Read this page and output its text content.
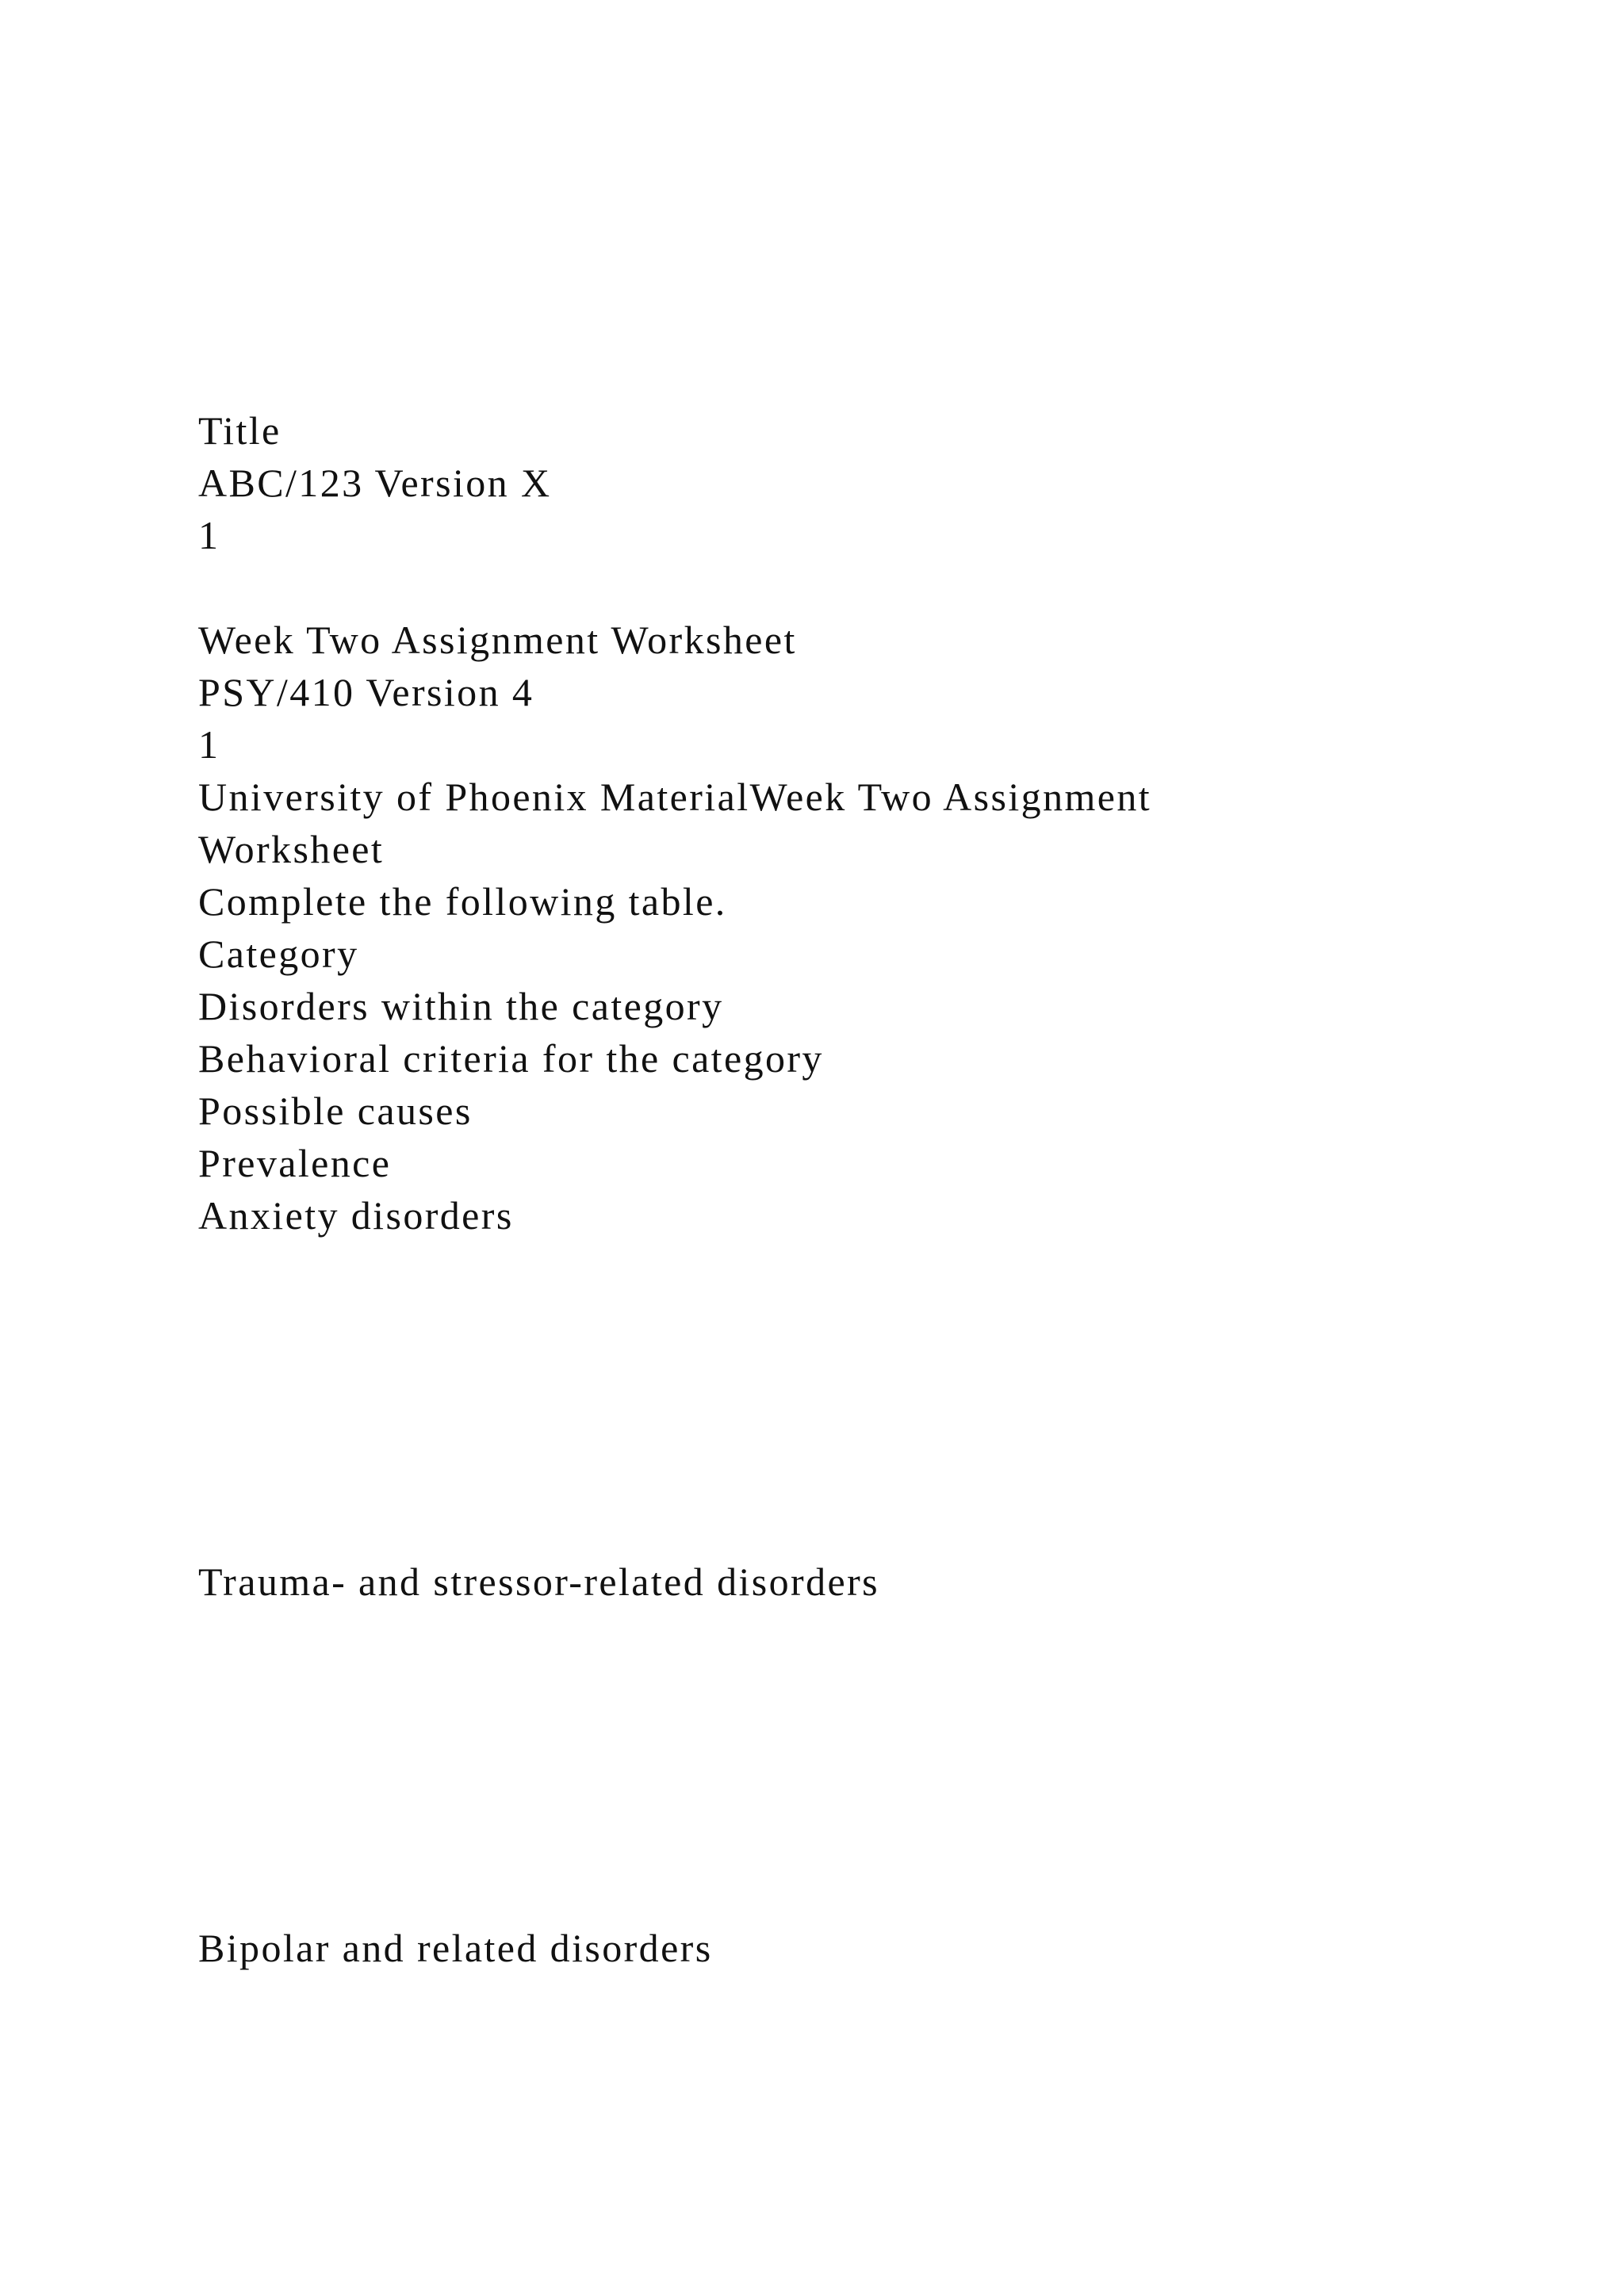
Title

ABC/123 Version X

1

Week Two Assignment Worksheet

PSY/410 Version 4

1

University of Phoenix MaterialWeek Two Assignment

Worksheet

Complete the following table.

Category

Disorders within the category

Behavioral criteria for the category

Possible causes

Prevalence

Anxiety disorders

Trauma- and stressor-related disorders

Bipolar and related disorders
